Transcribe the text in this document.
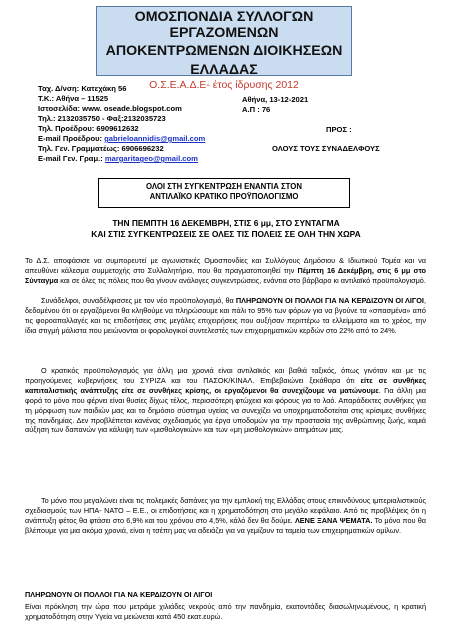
ΟΜΟΣΠΟΝΔΙΑ ΣΥΛΛΟΓΩΝ ΕΡΓΑΖΟΜΕΝΩΝ
ΑΠΟΚΕΝΤΡΩΜΕΝΩΝ ΔΙΟΙΚΗΣΕΩΝ
ΕΛΛΑΔΑΣ
Ο.Σ.Ε.Α.Δ.Ε- έτος ίδρυσης 2012
Ταχ. Δ/νση: Κατεχάκη 56
Τ.Κ.: Αθήνα – 11525
Ιστοσελίδα: www. oseade.blogspot.com
Τηλ.: 2132035750 - Φαξ:2132035723
Τηλ. Προέδρου: 6909612632
E-mail Προέδρου: gabrieloannidis@gmail.com
Τηλ. Γεν. Γραμματέως: 6906696232
E-mail Γεν. Γραμ.: margaritageo@gmail.com
Αθήνα, 13-12-2021
Α.Π : 76
ΠΡΟΣ :
ΟΛΟΥΣ ΤΟΥΣ ΣΥΝΑΔΕΛΦΟΥΣ
ΟΛΟΙ ΣΤΗ ΣΥΓΚΕΝΤΡΩΣΗ ΕΝΑΝΤΙΑ ΣΤΟΝ
ΑΝΤΙΛΑΪΚΟ ΚΡΑΤΙΚΟ ΠΡΟΫΠΟΛΟΓΙΣΜΟ
ΤΗΝ ΠΕΜΠΤΗ 16 ΔΕΚΕΜΒΡΗ, ΣΤΙΣ 6 μμ, ΣΤΟ ΣΥΝΤΑΓΜΑ
ΚΑΙ ΣΤΙΣ ΣΥΓΚΕΝΤΡΩΣΕΙΣ ΣΕ ΟΛΕΣ ΤΙΣ ΠΟΛΕΙΣ ΣΕ ΟΛΗ ΤΗΝ ΧΩΡΑ
Το Δ.Σ. αποφάσισε να συμπορευτεί με αγωνιστικές Ομοσπονδίες και Συλλόγους Δημόσιου & Ιδιωτικού Τομέα και να απευθύνει κάλεσμα συμμετοχής στο Συλλαλητήριο, που θα πραγματοποιηθεί την Πέμπτη 16 Δεκέμβρη, στις 6 μμ στο Σύνταγμα και σε όλες τις πόλεις που θα γίνουν ανάλογες συγκεντρώσεις, ενάντια στο βάρβαρο κι αντιλαϊκό προϋπολογισμό.
Συνάδελφοι, συναδέλφισσες με τον νέο προϋπολογισμό, θα ΠΛΗΡΩΝΟΥΝ ΟΙ ΠΟΛΛΟΙ ΓΙΑ ΝΑ ΚΕΡΔΙΖΟΥΝ ΟΙ ΛΙΓΟΙ, δεδομένου ότι οι εργαζόμενοι θα κληθούμε να πληρώσουμε και πάλι το 95% των φόρων για να βγούνε τα «σπασμένα» από τις φοροαπαλλαγές και τις επιδοτήσεις στις μεγάλες επιχειρήσεις που αυξήσαν περιττέρω τα ελλείμματα και το χρέος, την ίδια στιγμή μάλιστα που μειώνονται οι φορολογικοί συντελεστές των επιχειρηματικών κερδών στο 22% από το 24%.
Ο κρατικός προϋπολογισμός για άλλη μια χρονιά είναι αντιλαϊκός και βαθιά ταξικός, όπως γινόταν και με τις προηγούμενες κυβερνήσεις του ΣΥΡΙΖΑ και του ΠΑΣΟΚ/ΚΙΝΑΛ. Επιβεβαιώνει ξεκάθαρα ότι είτε σε συνθήκες καπιταλιστικής ανάπτυξης είτε σε συνθήκες κρίσης, οι εργαζόμενοι θα συνεχίζουμε να ματώνουμε. Για άλλη μια φορά το μόνο που φέρνει είναι θυσίες δίχως τέλος, περισσότερη φτώχεια και φόρους για το λαό. Απαράδεκτες συνθήκες για τη μόρφωση των παιδιών μας και το δημόσιο σύστημα υγείας να συνεχίζει να υποχρηματοδοτείται στις κρίσιμες συνθήκες της πανδημίας. Δεν προβλέπεται κανένας σχεδιασμός για έργα υποδομών για την προστασία της ανθρώπινης ζωής, καμιά αύξηση των δαπανών για κάλυψη των «μισθολογικών» και των «μη μισθολογικών» αιτημάτων μας.
Το μόνο που μεγαλώνει είναι τις πολεμικές δαπάνες για την εμπλοκή της Ελλάδας στους επικινδύνους ιμπεριαλιστικούς σχεδιασμούς των ΗΠΑ- ΝΑΤΟ – Ε.Ε., οι επιδοτήσεις και η χρηματοδότηση στο μεγάλο κεφάλαιο. Από τις προβλέψεις ότι η ανάπτυξη φέτος θα φτάσει στο 6,9% και του χρόνου στο 4,5%, κάλό δεν θα δούμε. ΛΕΝΕ ΞΑΝΑ ΨΕΜΑΤΑ. Το μόνο που θα βλέπουμε για μια ακόμα χρονιά, είναι η τσέπη μας να αδειάζει για να γεμίζουν τα ταμεία των επιχειρηματικών ομίλων.
ΠΛΗΡΩΝΟΥΝ ΟΙ ΠΟΛΛΟΙ ΓΙΑ ΝΑ ΚΕΡΔΙΖΟΥΝ ΟΙ ΛΙΓΟΙ
Είναι πρόκληση την ώρα που μετράμε χιλιάδες νεκρούς από την πανδημία, εκατοντάδες διασωληνωμένους, η κρατική χρηματοδότηση στην Υγεία να μειώνεται κατά 450 εκατ.ευρώ.
